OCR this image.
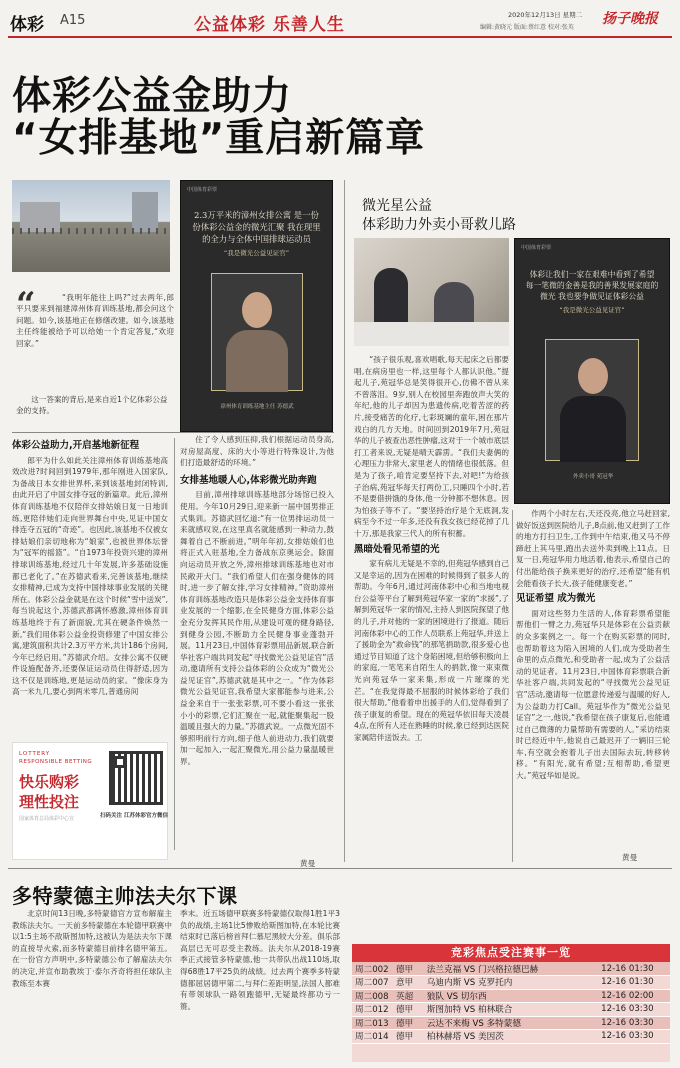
体彩 A15	公益体彩 乐善人生	2020年12月13日 星期二
编辑:黄晓元 版面:蔡红意 校对:张英
扬子晚报
体彩公益金助力
“女排基地”重启新篇章
“	“我明年能往上吗?”过去两年,郎平只要来到福建漳州体育训练基地,都会问这个问题。如今,该基地正在修缮改建。如今,该基地主任终能被给予可以给她一个肯定答复,“欢迎回家。”
这一答案的背后,是来自近1个亿体彩公益金的支持。
中国体育彩票
2.3万平米的漳州女排公寓 是一份份体彩公益金的微光汇聚 我在现里的全力与全体中国排球运动员
“我是微光公益见证官”
漳州体育训练基地主任 苏德武
体彩公益助力,开启基地新征程

郎平为什么如此关注漳州体育训练基地高效改进?时间回到1979年,那年刚进入国家队,为备战日本女排世界杯,来到该基地封闭特训,由此开启了中国女排夺冠的新篇章。此后,漳州体育训练基地不仅陪伴女排姑娘日复一日地训练,更陪伴她们走向世界舞台中央,见证中国女排连夺五冠的“奇迹”。也因此,该基地不仅被女排姑娘们亲切地称为“娘家”,也被世界体坛誉为“冠军的摇篮”。“自1973年投资兴建的漳州排球训练基地,经过几十年发展,许多基础设施都已老化了。”在苏德武看来,完善该基地,继续女排精神,已成为支持中国排球事业发展的关键所在。体彩公益金就是在这个时候“雪中送炭”,每当说起这个,苏德武都满怀感激,漳州体育训练基地终于有了新面貌,尤其在硬条件焕然一新,“我们用体彩公益金投资修建了中国女排公寓,建筑面积共计2.3万平方米,共计186个房间,今年已经启用。”苏德武介绍。女排公寓不仅硬件设施配备齐,还要保证运动员住得舒适,因为这不仅是训练地,更是运动员的家。“像床身为高一米九几,要心到两米零几,普通房间

住了令人感到压抑,我们根据运动员身高,对房屋高度、床的大小等进行特殊设计,为他们打造最舒适的环境。”

女排基地暖人心,体彩微光助奔跑

目前,漳州排球训练基地部分场馆已投入使用。今年10月29日,迎来新一届中国男排正式集训。苏德武回忆道:“有一位男排运动员一来就感叹说,在这里真名就能感到一种动力,鼓舞着自己不断前进。”明年年初,女排姑娘们也将正式入驻基地,全力备战东京奥运会。除面向运动员开放之外,漳州排球训练基地也对市民敞开大门。“我们希望人们在强身健体的同时,进一步了解女排,学习女排精神。”资助漳州体育训练基地改造只是体彩公益金支持体育事业发展的一个缩影,在全民健身方面,体彩公益金充分发挥其民作用,从建设可观的健身路径,到健身公园,不断助力全民健身事业蓬勃开展。11月23日,中国体育彩票用品新展,联合新华社客户端共同发起“寻找微光公益见证官”活动,邀请所有支持公益体彩的公众成为“微光公益见证官”,苏德武就是其中之一。“作为体彩微光公益见证官,我希望大家都能参与进来,公益金来自于一张张彩票,可不要小看这一张张小小的彩票,它们汇聚在一起,就能聚集起一股温暖且强大的力量。”苏德武说。一点微光固不够照明前行方向,细子他人前进动力,我们就要加一起加入,一起汇聚微光,用公益力量温暖世界。

黄曼
LOTTERY
RESPONSIBLE BETTING
快乐购彩
理性投注
国家体育总局体彩中心宣	扫码关注 江苏体彩官方微信
微光星公益
体彩助力外卖小哥救儿路
中国体育彩票
体彩让我们一家在艰难中看到了希望 每一笔微的金善是我的善果发展家庭的微光 我也要争做见证体彩公益
“我是微光公益见证官”
外卖小哥 苑冠华

“孩子很乐观,喜欢唱歌,每天起床之后都要唱,在病房里也一样,这里每个人都认识他。”提起儿子,苑冠华总是笑得很开心,仿佛不曾从来不曾落泪。9岁,别人在校园里奔跑放声大笑的年纪,他的儿子却因为患遗传病,吃着苦涩的药片,接受痛苦的化疗,七彩斑斓的童年,困在那片戏白的几方天地。时间回到2019年7月,苑冠华的儿子被查出恶性肿瘤,这对于一个城市底层打工者来说,无疑是晴天霹雳。“我们夫妻俩的心理压力非常大,家里老人的情绪也很低落。但是为了孩子,咱肯定要坚持下去,对吧!”为给孩子治病,苑冠华每天打两份工,只睡四个小时,若不是要借拼饿的身体,他一分钟都不想休息。因为怕孩子等不了。“要坚持治疗是个无底洞,发病至今不过一年多,还没有我女孩已经花掉了几十万,那是我家三代人的所有积蓄。

黑暗处看见希望的光

家有病儿无疑是不幸的,但苑冠华感到自己又是幸运的,因为在困难的时候得到了很多人的帮助。今年6月,通过河南体彩中心和当地电视台公益等平台了解到苑冠华家一家的“求援”,了解到苑冠华一家的情况,主持人到医院探望了他的儿子,并对他的一家的困境进行了报道。随后河南体彩中心的工作人员联系上苑冠华,并送上了援助金为“救命钱”的那笔捐助款,很多爱心也通过节目知道了这个身陷困境,但给够积极向上的家庭,一笔笔来自陌生人的捐款,像一束束微光向苑冠华一家来集,形成一片璀璨的光芒。“在我觉得最不屈服的时候体彩给了我们很大帮助,”他看着申出援手的人们,觉得看到了孩子康复的希望。现在的苑冠华依旧每天凌晨4点,在所有人还在熟睡的时候,象已经到达医院家属陪伴送饭去。工

作两个小时左右,天还没亮,他立马赶回家,做好饭送到医院给儿子,8点前,他又赶到了工作的地方打扫卫生,工作到中午结束,他又马不停蹄赶上其马里,跑出去送外卖到晚上11点。日复一日,苑冠华用力地活着,他表示,希望自己的付出能给孩子换来更好的治疗,还希望“能有机会能看孩子长大,孩子能健康变老。”

见证希望 成为微光

面对这些努力生活的人,体育彩票希望能帮他们一臂之力,苑冠华只是体彩在公益贡献的众多案例之一。每一个在购买彩票的同时,也帮助着这为陷入困境的人们,成为受助者生命里的点点微光,和受助者一起,成为了公益活动的见证者。11月23日,中国体育彩票联合新华社客户端,共同发起的“寻找微光公益见证官”活动,邀请每一位愿意传递爱与温暖的好人,为公益助力打Call。苑冠华作为“微光公益见证官”之一,他说,“我希望在孩子康复后,也能通过自己微薄的力量帮助有需要的人。”采访结束时已经近中午,他说自己最迟开了一辆旧三轮车,有空就会抱着儿子出去国际去玩,转移转移。“有阳光,就有希望;互相帮助,希望更大。”苑冠华如是说。

黄曼
多特蒙德主帅法夫尔下课

北京时间13日晚,多特蒙德官方宣布解雇主教练法夫尔。一天前多特蒙德在本轮德甲联赛中以1:5主场不敌斯图加特,这被认为是法夫尔下课的直接导火索,而多特蒙德目前排名德甲第五。在一份官方声明中,多特蒙德公布了解雇法夫尔的决定,并宣布助教埃丁·泰尔齐奇将担任球队主教练至本赛

季末。近五场德甲联赛多特蒙德仅取得1胜1平3负的战绩,主场1比5惨败给斯图加特,在本轮比赛结束时已落后榜首拜仁慕尼黑较大分差。俱乐部高层已无可忍受主教练。法夫尔从2018-19赛季正式接管多特蒙德,他一共带队出战110场,取得68胜17平25负的战绩。过去两个赛季多特蒙德都屈居德甲第二,与拜仁差距明显,法国人都难有带领球队一路领跑德甲,无疑最终都功亏一篑。

竞彩焦点受注赛事一览
周二002	德甲	法兰克福 VS 门兴格拉德巴赫	12-16 01:30
周二007	意甲	乌迪内斯 VS 克罗托内	12-16 01:30
周二008	英超	狼队 VS 切尔西	12-16 02:00
周二012	德甲	斯图加特 VS 柏林联合	12-16 03:30
周二013	德甲	云达不来梅 VS 多特蒙德	12-16 03:30
周二014	德甲	柏林赫塔 VS 美因茨	12-16 03:30
